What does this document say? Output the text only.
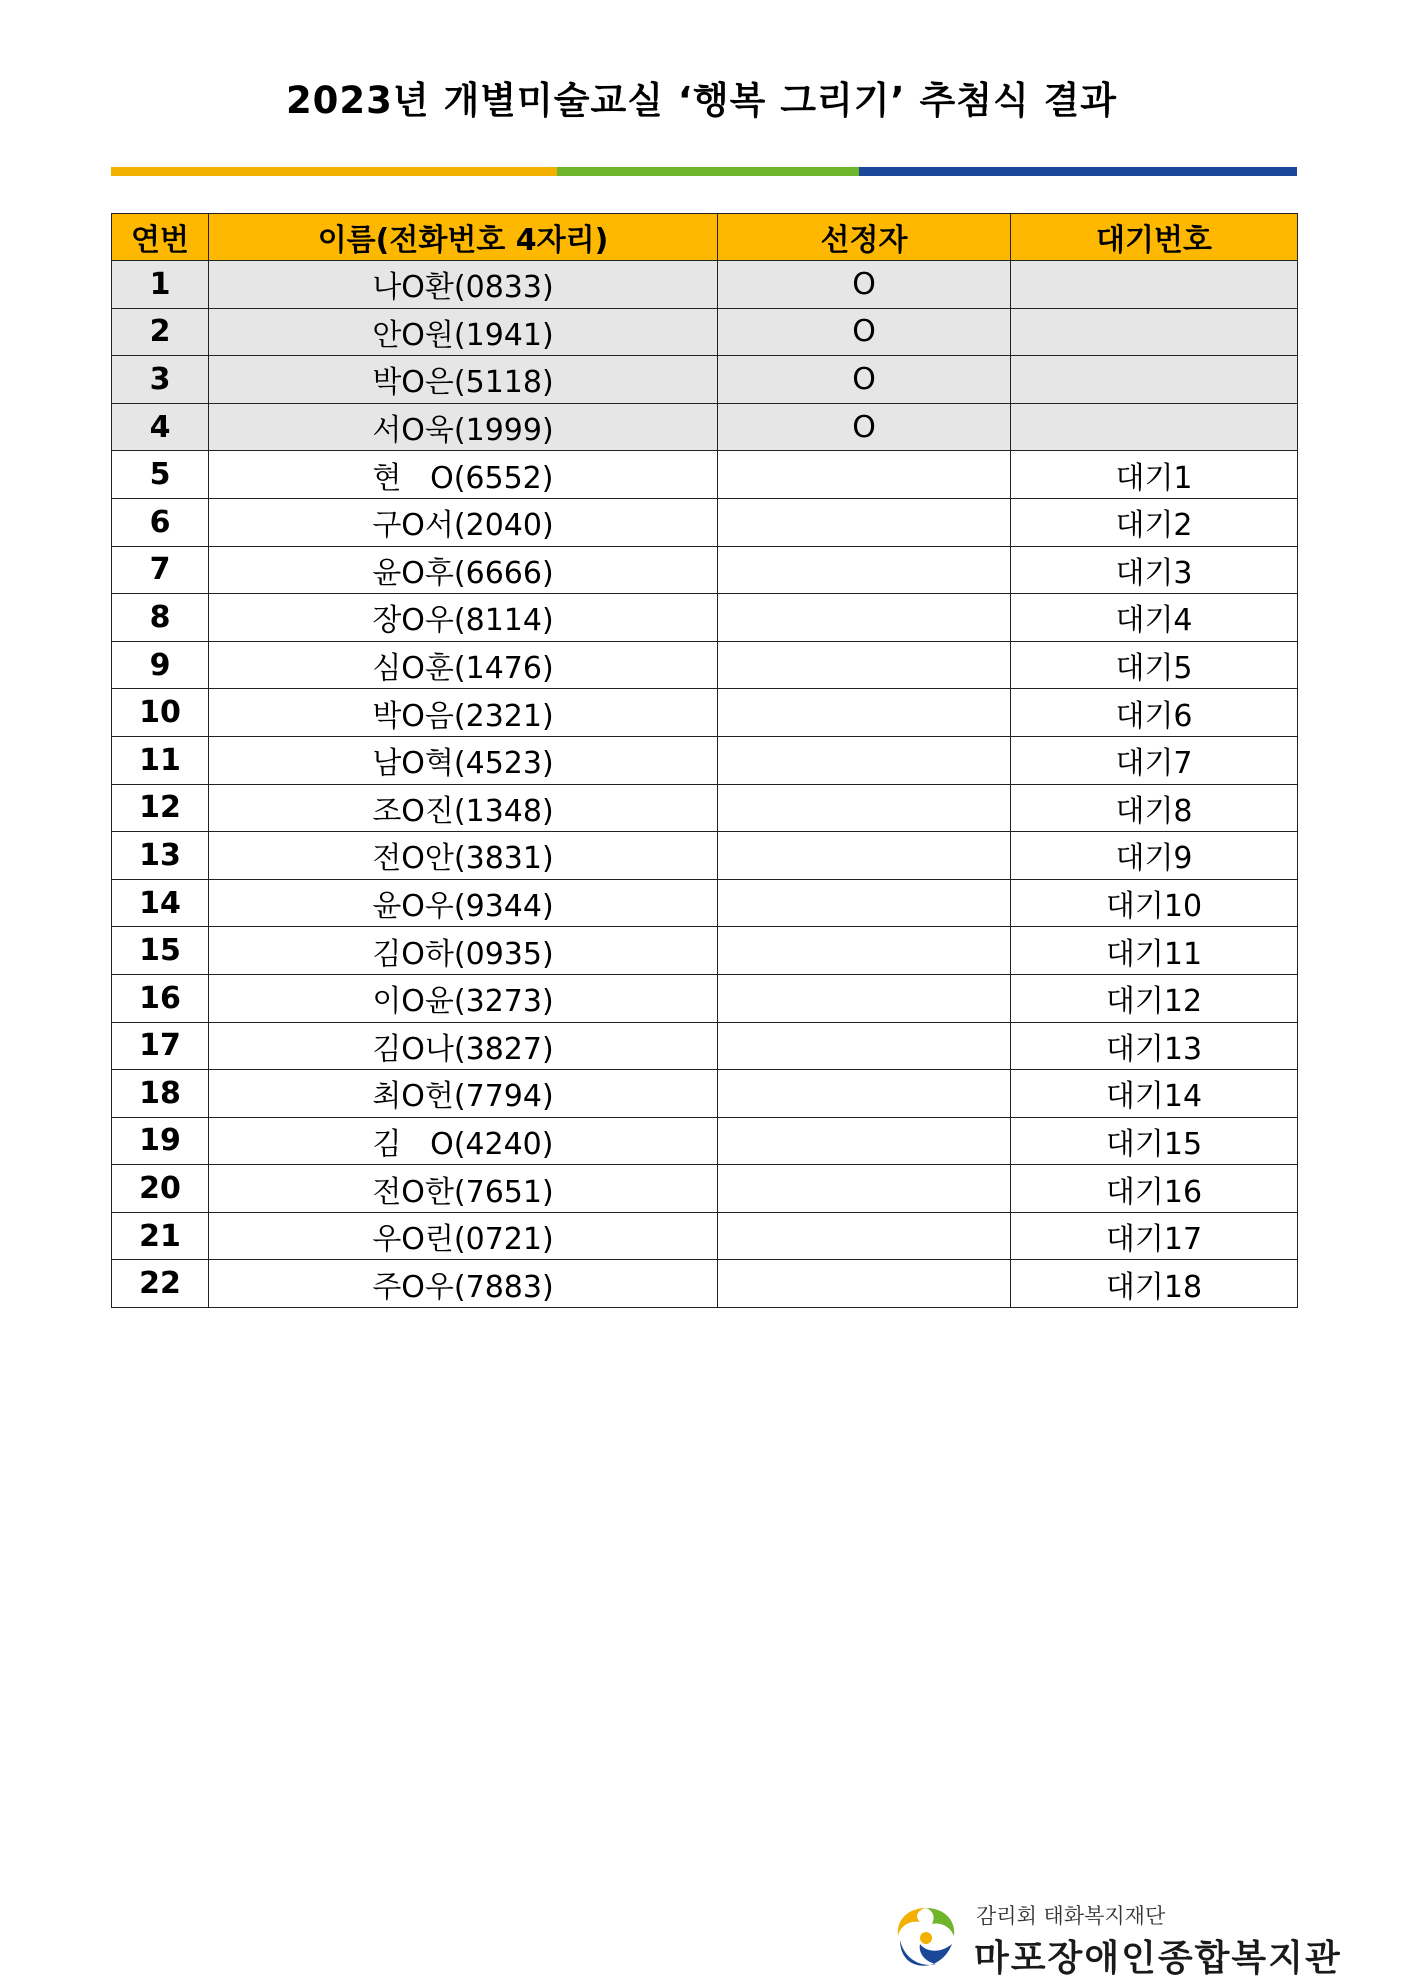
2023년 개별미술교실 ‘행복 그리기’ 추첨식 결과
연번	이름(전화번호 4자리)	선정자	대기번호
1	나O환(0833)	O	
2	안O원(1941)	O	
3	박O은(5118)	O	
4	서O욱(1999)	O	
5	현   O(6552)		대기1
6	구O서(2040)		대기2
7	윤O후(6666)		대기3
8	장O우(8114)		대기4
9	심O훈(1476)		대기5
10	박O음(2321)		대기6
11	남O혁(4523)		대기7
12	조O진(1348)		대기8
13	전O안(3831)		대기9
14	윤O우(9344)		대기10
15	김O하(0935)		대기11
16	이O윤(3273)		대기12
17	김O나(3827)		대기13
18	최O헌(7794)		대기14
19	김   O(4240)		대기15
20	전O한(7651)		대기16
21	우O린(0721)		대기17
22	주O우(7883)		대기18
감리회 태화복지재단
마포장애인종합복지관
